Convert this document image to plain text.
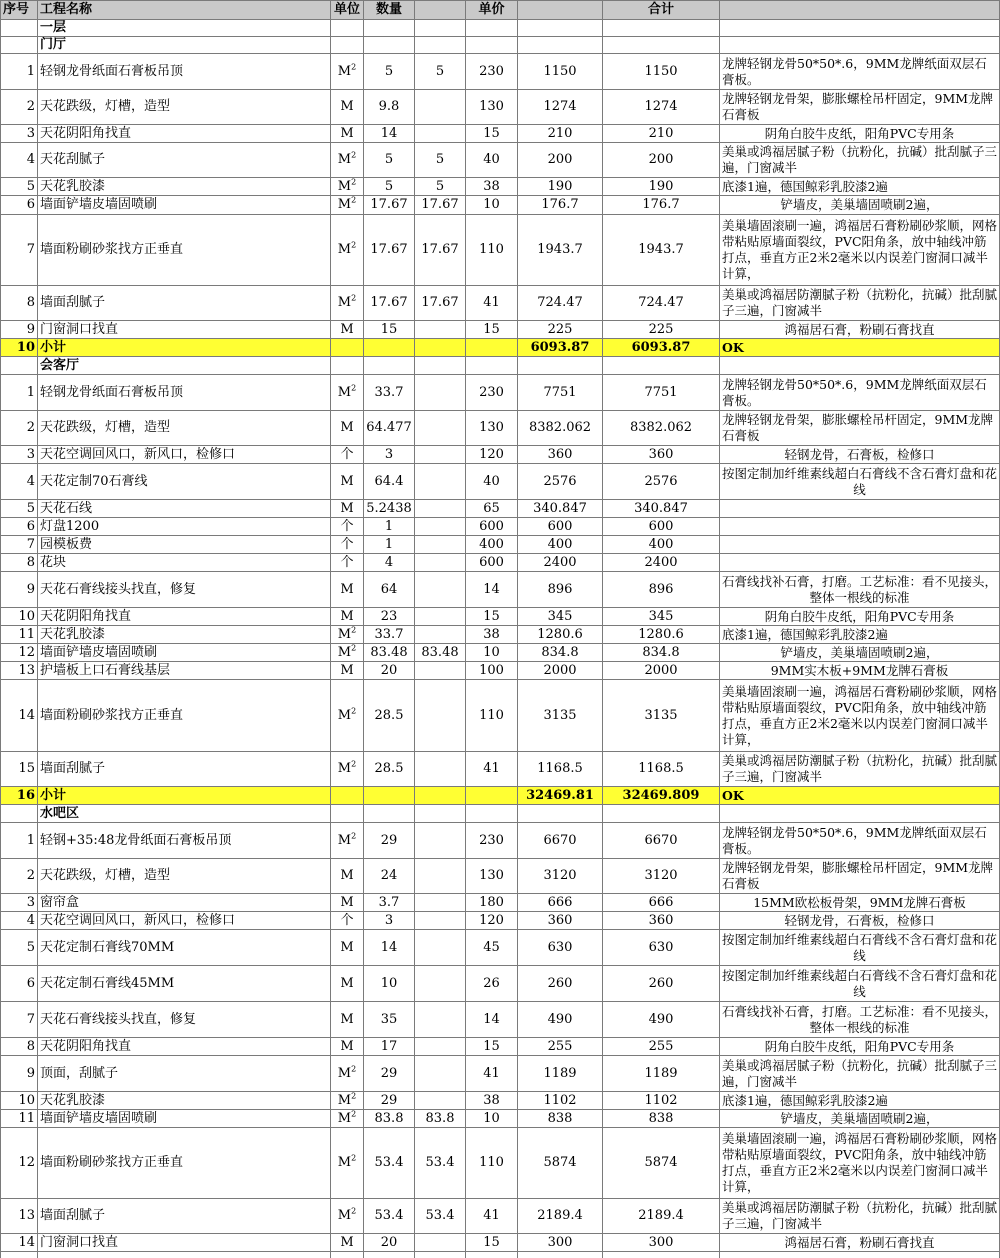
序号	工程名称	单位	数量		单价		合计	
	一层							
	门厅							
1	轻钢龙骨纸面石膏板吊顶	$M^2$	5	5	230	1150	1150	龙牌轻钢龙骨50*50*.6，9MM龙牌纸面双层石膏板。
2	天花跌级，灯槽，造型	M	9.8		130	1274	1274	龙牌轻钢龙骨架，膨胀螺栓吊杆固定，9MM龙牌石膏板
3	天花阴阳角找直	M	14		15	210	210	阴角白胶牛皮纸，阳角PVC专用条
4	天花刮腻子	$M^2$	5	5	40	200	200	美巢或鸿福居腻子粉（抗粉化，抗碱）批刮腻子三遍，门窗减半
5	天花乳胶漆	$M^2$	5	5	38	190	190	底漆1遍，德国鲸彩乳胶漆2遍
6	墙面铲墙皮墙固喷刷	$M^2$	17.67	17.67	10	176.7	176.7	铲墙皮，美巢墙固喷刷2遍，
7	墙面粉刷砂浆找方正垂直	$M^2$	17.67	17.67	110	1943.7	1943.7	美巢墙固滚刷一遍，鸿福居石膏粉刷砂浆顺，网格带粘贴原墙面裂纹，PVC阳角条，放中轴线冲筋打点，垂直方正2米2毫米以内误差门窗洞口减半计算，
8	墙面刮腻子	$M^2$	17.67	17.67	41	724.47	724.47	美巢或鸿福居防潮腻子粉（抗粉化，抗碱）批刮腻子三遍，门窗减半
9	门窗洞口找直	M	15		15	225	225	鸿福居石膏，粉刷石膏找直
10	小计					6093.87	6093.87	OK
	会客厅							
1	轻钢龙骨纸面石膏板吊顶	$M^2$	33.7		230	7751	7751	龙牌轻钢龙骨50*50*.6，9MM龙牌纸面双层石膏板。
2	天花跌级，灯槽，造型	M	64.477		130	8382.062	8382.062	龙牌轻钢龙骨架，膨胀螺栓吊杆固定，9MM龙牌石膏板
3	天花空调回风口，新风口，检修口	个	3		120	360	360	轻钢龙骨，石膏板，检修口
4	天花定制70石膏线	M	64.4		40	2576	2576	按图定制加纤维素线超白石膏线不含石膏灯盘和花线
5	天花石线	M	5.2438		65	340.847	340.847	
6	灯盘1200	个	1		600	600	600	
7	园模板费	个	1		400	400	400	
8	花块	个	4		600	2400	2400	
9	天花石膏线接头找直，修复	M	64		14	896	896	石膏线找补石膏，打磨。工艺标准：看不见接头，整体一根线的标准
10	天花阴阳角找直	M	23		15	345	345	阴角白胶牛皮纸，阳角PVC专用条
11	天花乳胶漆	$M^2$	33.7		38	1280.6	1280.6	底漆1遍，德国鲸彩乳胶漆2遍
12	墙面铲墙皮墙固喷刷	$M^2$	83.48	83.48	10	834.8	834.8	铲墙皮，美巢墙固喷刷2遍，
13	护墙板上口石膏线基层	M	20		100	2000	2000	9MM实木板+9MM龙牌石膏板
14	墙面粉刷砂浆找方正垂直	$M^2$	28.5		110	3135	3135	美巢墙固滚刷一遍，鸿福居石膏粉刷砂浆顺，网格带粘贴原墙面裂纹，PVC阳角条，放中轴线冲筋打点，垂直方正2米2毫米以内误差门窗洞口减半计算，
15	墙面刮腻子	$M^2$	28.5		41	1168.5	1168.5	美巢或鸿福居防潮腻子粉（抗粉化，抗碱）批刮腻子三遍，门窗减半
16	小计					32469.81	32469.809	OK
	水吧区							
1	轻钢+35:48龙骨纸面石膏板吊顶	$M^2$	29		230	6670	6670	龙牌轻钢龙骨50*50*.6，9MM龙牌纸面双层石膏板。
2	天花跌级，灯槽，造型	M	24		130	3120	3120	龙牌轻钢龙骨架，膨胀螺栓吊杆固定，9MM龙牌石膏板
3	窗帘盒	M	3.7		180	666	666	15MM欧松板骨架，9MM龙牌石膏板
4	天花空调回风口，新风口，检修口	个	3		120	360	360	轻钢龙骨，石膏板，检修口
5	天花定制石膏线70MM	M	14		45	630	630	按图定制加纤维素线超白石膏线不含石膏灯盘和花线
6	天花定制石膏线45MM	M	10		26	260	260	按图定制加纤维素线超白石膏线不含石膏灯盘和花线
7	天花石膏线接头找直，修复	M	35		14	490	490	石膏线找补石膏，打磨。工艺标准：看不见接头，整体一根线的标准
8	天花阴阳角找直	M	17		15	255	255	阴角白胶牛皮纸，阳角PVC专用条
9	顶面，刮腻子	$M^2$	29		41	1189	1189	美巢或鸿福居腻子粉（抗粉化，抗碱）批刮腻子三遍，门窗减半
10	天花乳胶漆	$M^2$	29		38	1102	1102	底漆1遍，德国鲸彩乳胶漆2遍
11	墙面铲墙皮墙固喷刷	$M^2$	83.8	83.8	10	838	838	铲墙皮，美巢墙固喷刷2遍，
12	墙面粉刷砂浆找方正垂直	$M^2$	53.4	53.4	110	5874	5874	美巢墙固滚刷一遍，鸿福居石膏粉刷砂浆顺，网格带粘贴原墙面裂纹，PVC阳角条，放中轴线冲筋打点，垂直方正2米2毫米以内误差门窗洞口减半计算，
13	墙面刮腻子	$M^2$	53.4	53.4	41	2189.4	2189.4	美巢或鸿福居防潮腻子粉（抗粉化，抗碱）批刮腻子三遍，门窗减半
14	门窗洞口找直	M	20		15	300	300	鸿福居石膏，粉刷石膏找直
